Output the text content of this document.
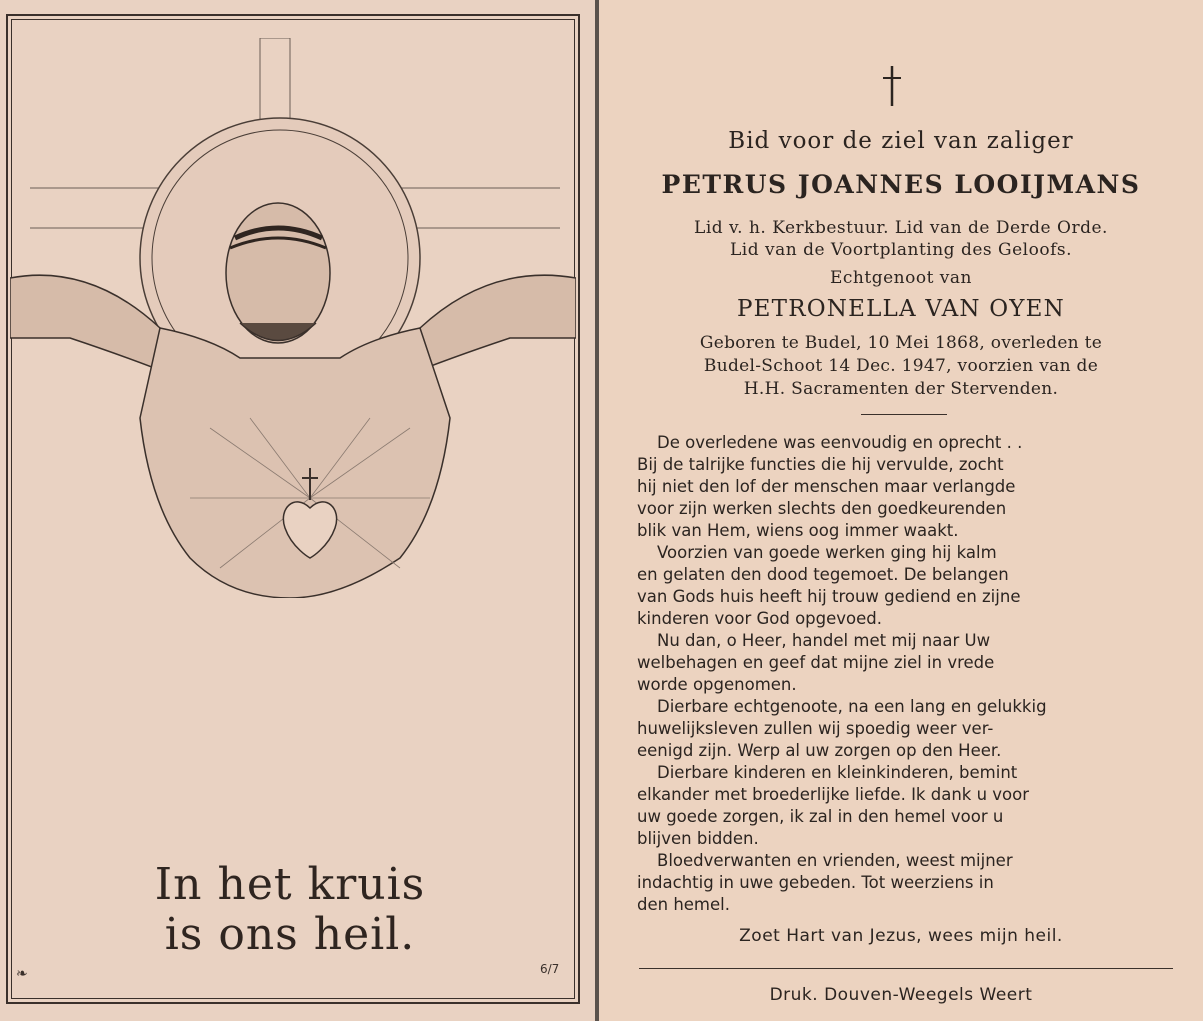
In het kruis
is ons heil.
❧	6/7
Bid voor de ziel van zaliger
PETRUS JOANNES LOOIJMANS
Lid v. h. Kerkbestuur. Lid van de Derde Orde.
Lid van de Voortplanting des Geloofs.
Echtgenoot van
PETRONELLA VAN OYEN
Geboren te Budel, 10 Mei 1868, overleden te
Budel-Schoot 14 Dec. 1947, voorzien van de
H.H. Sacramenten der Stervenden.
De overledene was eenvoudig en oprecht . .
Bij de talrijke functies die hij vervulde, zocht
hij niet den lof der menschen maar verlangde
voor zijn werken slechts den goedkeurenden
blik van Hem, wiens oog immer waakt.
Voorzien van goede werken ging hij kalm
en gelaten den dood tegemoet. De belangen
van Gods huis heeft hij trouw gediend en zijne
kinderen voor God opgevoed.
Nu dan, o Heer, handel met mij naar Uw
welbehagen en geef dat mijne ziel in vrede
worde opgenomen.
Dierbare echtgenoote, na een lang en gelukkig
huwelijksleven zullen wij spoedig weer ver-
eenigd zijn. Werp al uw zorgen op den Heer.
Dierbare kinderen en kleinkinderen, bemint
elkander met broederlijke liefde. Ik dank u voor
uw goede zorgen, ik zal in den hemel voor u
blijven bidden.
Bloedverwanten en vrienden, weest mijner
indachtig in uwe gebeden. Tot weerziens in
den hemel.
Zoet Hart van Jezus, wees mijn heil.
Druk. Douven-Weegels Weert
